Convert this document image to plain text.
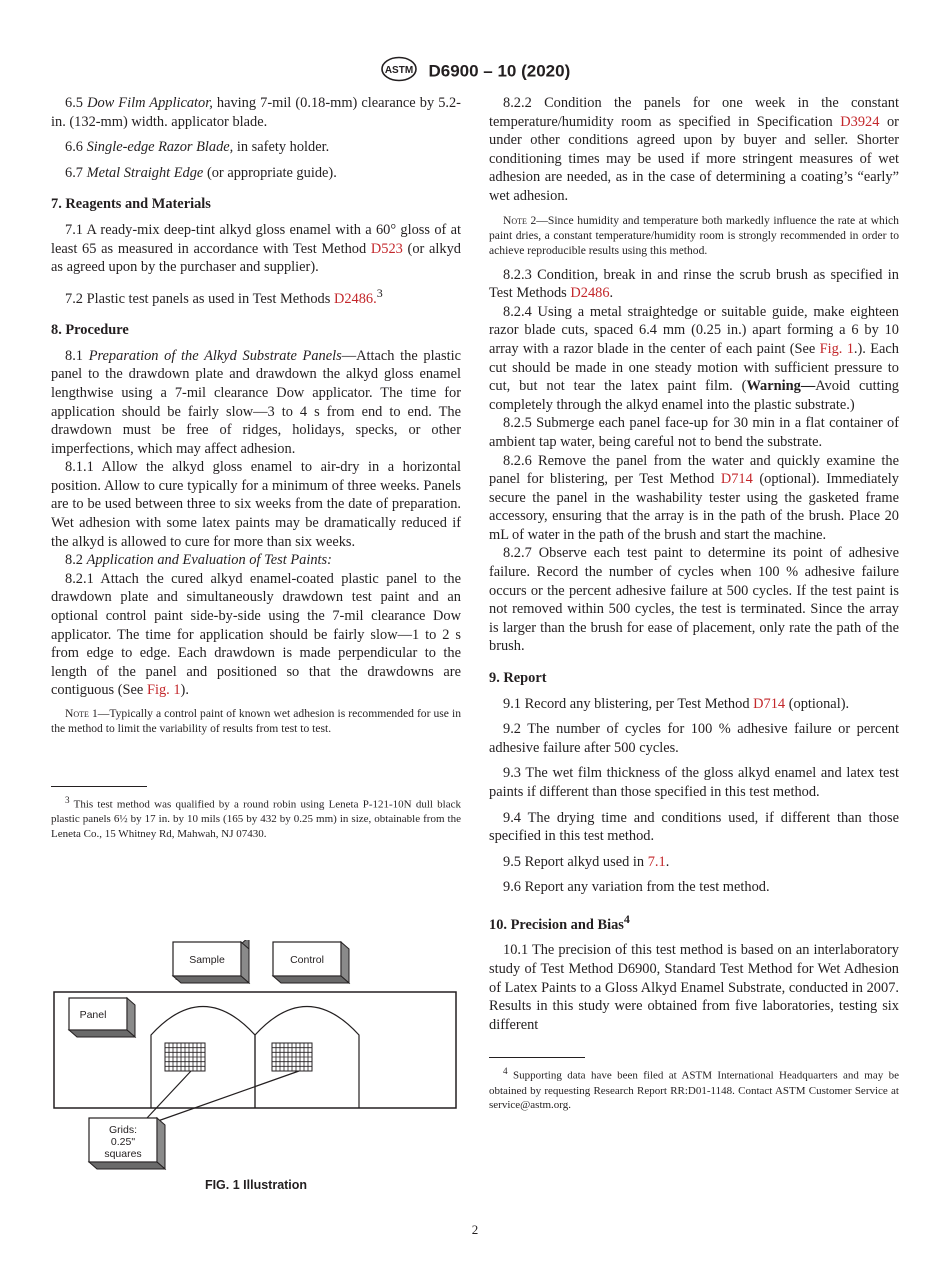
ASTM D6900 – 10 (2020)

6.5 Dow Film Applicator, having 7-mil (0.18-mm) clearance by 5.2-in. (132-mm) width. applicator blade.

6.6 Single-edge Razor Blade, in safety holder.

6.7 Metal Straight Edge (or appropriate guide).

7. Reagents and Materials

7.1 A ready-mix deep-tint alkyd gloss enamel with a 60° gloss of at least 65 as measured in accordance with Test Method D523 (or alkyd as agreed upon by the purchaser and supplier).

7.2 Plastic test panels as used in Test Methods D2486.$^3$

8. Procedure

8.1 Preparation of the Alkyd Substrate Panels—Attach the plastic panel to the drawdown plate and drawdown the alkyd gloss enamel lengthwise using a 7-mil clearance Dow applicator. The time for application should be fairly slow—3 to 4 s from end to end. The drawdown must be free of ridges, holidays, specks, or other imperfections, which may affect adhesion.

8.1.1 Allow the alkyd gloss enamel to air-dry in a horizontal position. Allow to cure typically for a minimum of three weeks. Panels are to be used between three to six weeks from the date of preparation. Wet adhesion with some latex paints may be dramatically reduced if the alkyd is allowed to cure for more than six weeks.

8.2 Application and Evaluation of Test Paints:

8.2.1 Attach the cured alkyd enamel-coated plastic panel to the drawdown plate and simultaneously drawdown test paint and an optional control paint side-by-side using the 7-mil clearance Dow applicator. The time for application should be fairly slow—1 to 2 s from edge to edge. Each drawdown is made perpendicular to the length of the panel and positioned so that the drawdowns are contiguous (See Fig. 1).

Note 1—Typically a control paint of known wet adhesion is recommended for use in the method to limit the variability of results from test to test.

$^3$ This test method was qualified by a round robin using Leneta P-121-10N dull black plastic panels 6½ by 17 in. by 10 mils (165 by 432 by 0.25 mm) in size, obtainable from the Leneta Co., 15 Whitney Rd, Mahwah, NJ 07430.

Sample	Control
Panel
Grids:
0.25"
squares
FIG. 1 Illustration

8.2.2 Condition the panels for one week in the constant temperature/humidity room as specified in Specification D3924 or under other conditions agreed upon by buyer and seller. Shorter conditioning times may be used if more stringent measures of wet adhesion are needed, as in the case of determining a coating’s “early” wet adhesion.

Note 2—Since humidity and temperature both markedly influence the rate at which paint dries, a constant temperature/humidity room is strongly recommended in order to achieve reproducible results using this method.

8.2.3 Condition, break in and rinse the scrub brush as specified in Test Methods D2486.

8.2.4 Using a metal straightedge or suitable guide, make eighteen razor blade cuts, spaced 6.4 mm (0.25 in.) apart forming a 6 by 10 array with a razor blade in the center of each paint (See Fig. 1.). Each cut should be made in one steady motion with sufficient pressure to cut, but not tear the latex paint film. (Warning—Avoid cutting completely through the alkyd enamel into the plastic substrate.)

8.2.5 Submerge each panel face-up for 30 min in a flat container of ambient tap water, being careful not to bend the substrate.

8.2.6 Remove the panel from the water and quickly examine the panel for blistering, per Test Method D714 (optional). Immediately secure the panel in the washability tester using the gasketed frame accessory, ensuring that the array is in the path of the brush. Place 20 mL of water in the path of the brush and start the machine.

8.2.7 Observe each test paint to determine its point of adhesive failure. Record the number of cycles when 100 % adhesive failure occurs or the percent adhesive failure at 500 cycles. If the test paint is not removed within 500 cycles, the test is terminated. Since the array is larger than the brush for ease of placement, only rate the path of the brush.

9. Report

9.1 Record any blistering, per Test Method D714 (optional).

9.2 The number of cycles for 100 % adhesive failure or percent adhesive failure after 500 cycles.

9.3 The wet film thickness of the gloss alkyd enamel and latex test paints if different than those specified in this test method.

9.4 The drying time and conditions used, if different than those specified in this test method.

9.5 Report alkyd used in 7.1.

9.6 Report any variation from the test method.

10. Precision and Bias$^4$

10.1 The precision of this test method is based on an interlaboratory study of Test Method D6900, Standard Test Method for Wet Adhesion of Latex Paints to a Gloss Alkyd Enamel Substrate, conducted in 2007. Results in this study were obtained from five laboratories, testing six different

$^4$ Supporting data have been filed at ASTM International Headquarters and may be obtained by requesting Research Report RR:D01-1148. Contact ASTM Customer Service at service@astm.org.

2
